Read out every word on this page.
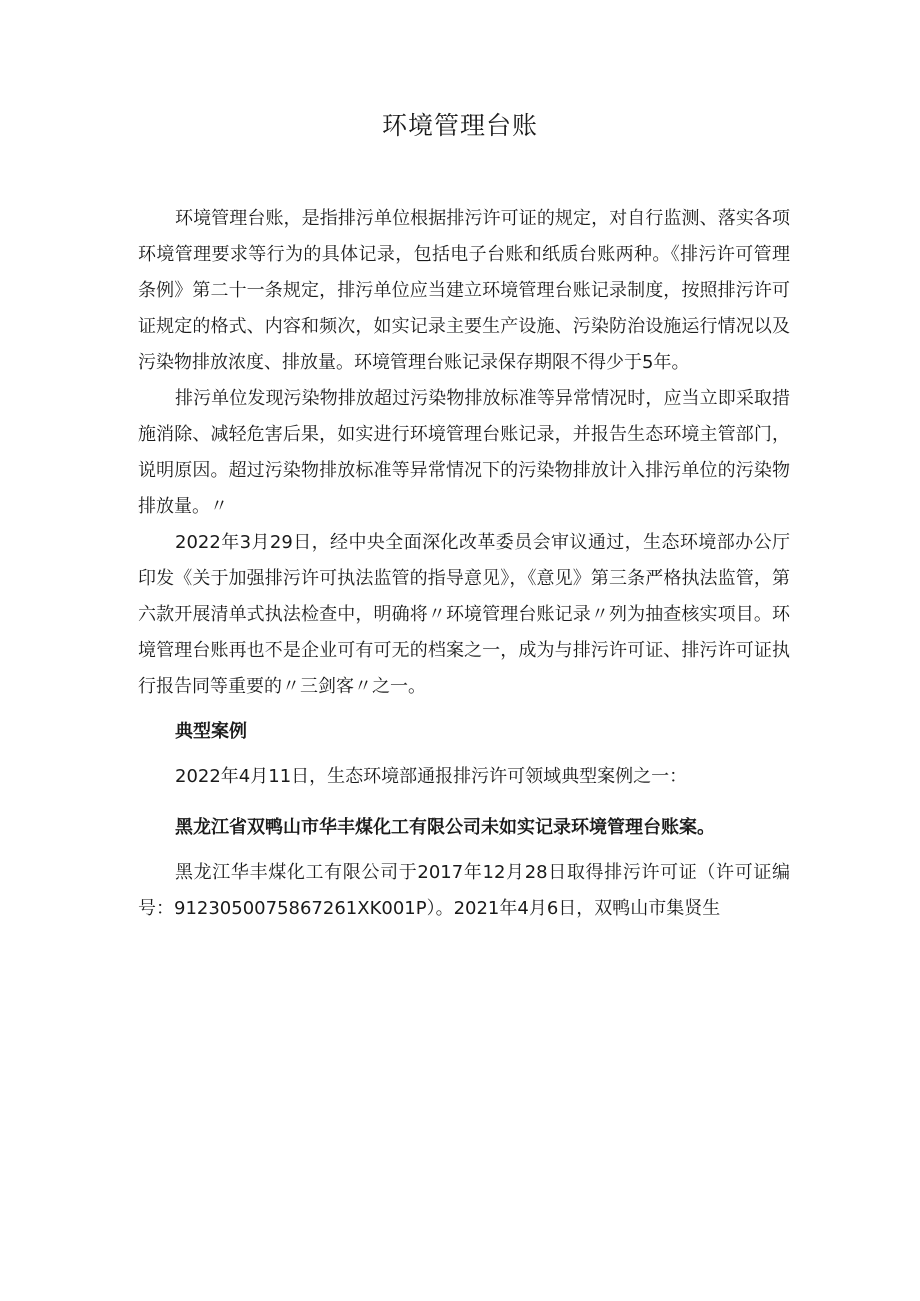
环境管理台账

环境管理台账，是指排污单位根据排污许可证的规定，对自行监测、落实各项环境管理要求等行为的具体记录，包括电子台账和纸质台账两种。《排污许可管理条例》第二十一条规定，排污单位应当建立环境管理台账记录制度，按照排污许可证规定的格式、内容和频次，如实记录主要生产设施、污染防治设施运行情况以及污染物排放浓度、排放量。环境管理台账记录保存期限不得少于5年。

排污单位发现污染物排放超过污染物排放标准等异常情况时，应当立即采取措施消除、减轻危害后果，如实进行环境管理台账记录，并报告生态环境主管部门，说明原因。超过污染物排放标准等异常情况下的污染物排放计入排污单位的污染物排放量。〃

2022年3月29日，经中央全面深化改革委员会审议通过，生态环境部办公厅印发《关于加强排污许可执法监管的指导意见》，《意见》第三条严格执法监管，第六款开展清单式执法检查中，明确将〃环境管理台账记录〃列为抽查核实项目。环境管理台账再也不是企业可有可无的档案之一，成为与排污许可证、排污许可证执行报告同等重要的〃三剑客〃之一。

典型案例

2022年4月11日，生态环境部通报排污许可领域典型案例之一：

黑龙江省双鸭山市华丰煤化工有限公司未如实记录环境管理台账案。

黑龙江华丰煤化工有限公司于2017年12月28日取得排污许可证（许可证编号：9123050075867261XK001P）。2021年4月6日，双鸭山市集贤生
